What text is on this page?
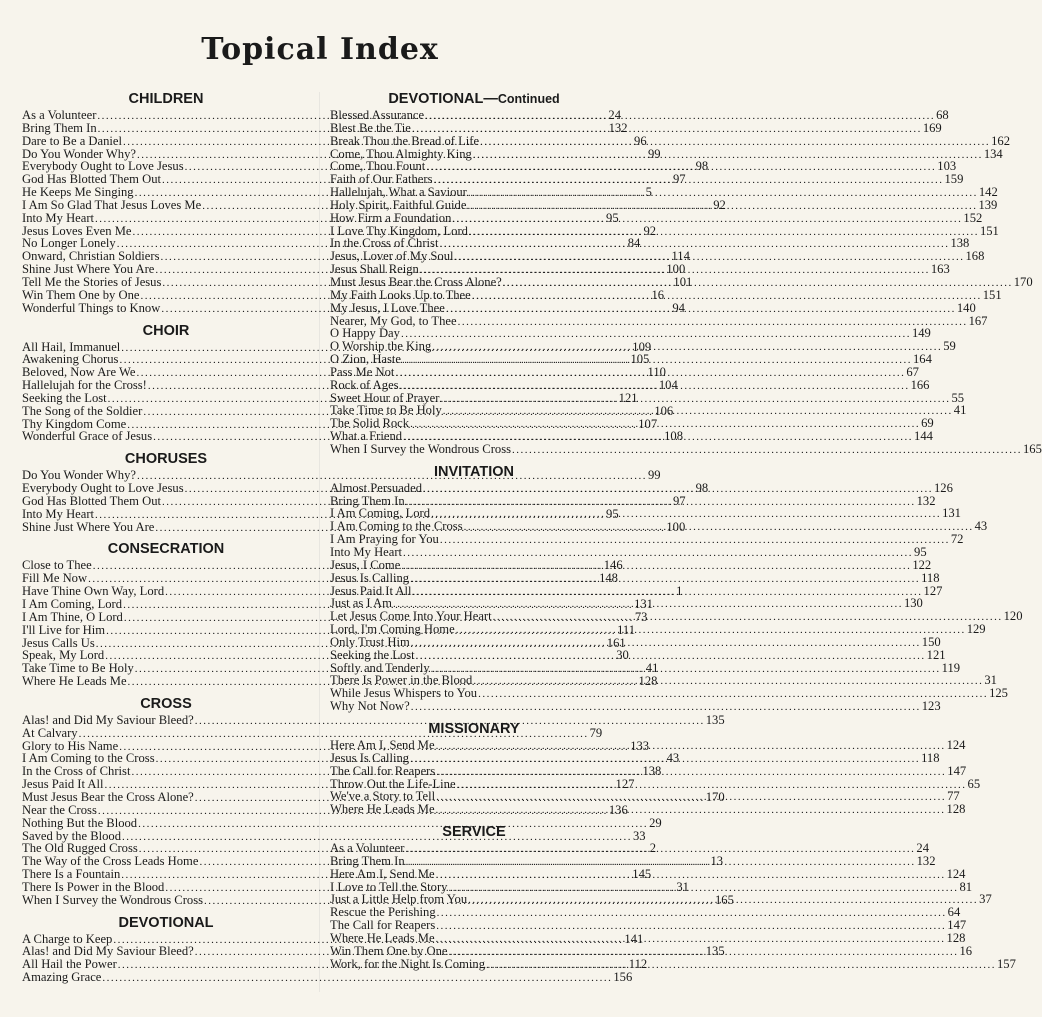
Topical Index
CHILDREN
As a Volunteer .....	24
Bring Them In .....	132
Dare to Be a Daniel .....	96
Do You Wonder Why? .....	99
Everybody Ought to Love Jesus .....	98
God Has Blotted Them Out .....	97
He Keeps Me Singing .....	5
I Am So Glad That Jesus Loves Me .....	92
Into My Heart .....	95
Jesus Loves Even Me .....	92
No Longer Lonely .....	84
Onward, Christian Soldiers .....	114
Shine Just Where You Are .....	100
Tell Me the Stories of Jesus .....	101
Win Them One by One .....	16
Wonderful Things to Know .....	94
CHOIR
All Hail, Immanuel .....	109
Awakening Chorus .....	105
Beloved, Now Are We .....	110
Hallelujah for the Cross! .....	104
Seeking the Lost .....	121
The Song of the Soldier .....	106
Thy Kingdom Come .....	107
Wonderful Grace of Jesus .....	108
CHORUSES
Do You Wonder Why? .....	99
Everybody Ought to Love Jesus .....	98
God Has Blotted Them Out .....	97
Into My Heart .....	95
Shine Just Where You Are .....	100
CONSECRATION
Close to Thee .....	146
Fill Me Now .....	148
Have Thine Own Way, Lord .....	1
I Am Coming, Lord .....	131
I Am Thine, O Lord .....	73
I'll Live for Him .....	111
Jesus Calls Us .....	161
Speak, My Lord .....	30
Take Time to Be Holy .....	41
Where He Leads Me .....	128
CROSS
Alas! and Did My Saviour Bleed? .....	135
At Calvary .....	79
Glory to His Name .....	133
I Am Coming to the Cross .....	43
In the Cross of Christ .....	138
Jesus Paid It All .....	127
Must Jesus Bear the Cross Alone? .....	170
Near the Cross .....	136
Nothing But the Blood .....	29
Saved by the Blood .....	33
The Old Rugged Cross .....	2
The Way of the Cross Leads Home .....	13
There Is a Fountain .....	145
There Is Power in the Blood .....	31
When I Survey the Wondrous Cross .....	165
DEVOTIONAL
A Charge to Keep .....	141
Alas! and Did My Saviour Bleed? .....	135
All Hail the Power .....	112
Amazing Grace .....	156
DEVOTIONAL—Continued
Blessed Assurance .....	68
Blest Be the Tie .....	169
Break Thou the Bread of Life .....	162
Come, Thou Almighty King .....	134
Come, Thou Fount .....	103
Faith of Our Fathers .....	159
Hallelujah, What a Saviour .....	142
Holy Spirit, Faithful Guide .....	139
How Firm a Foundation .....	152
I Love Thy Kingdom, Lord .....	151
In the Cross of Christ .....	138
Jesus, Lover of My Soul .....	168
Jesus Shall Reign .....	163
Must Jesus Bear the Cross Alone? .....	170
My Faith Looks Up to Thee .....	151
My Jesus, I Love Thee .....	140
Nearer, My God, to Thee .....	167
O Happy Day .....	149
O Worship the King .....	59
O Zion, Haste .....	164
Pass Me Not .....	67
Rock of Ages .....	166
Sweet Hour of Prayer .....	55
Take Time to Be Holy .....	41
The Solid Rock .....	69
What a Friend .....	144
When I Survey the Wondrous Cross .....	165
INVITATION
Almost Persuaded .....	126
Bring Them In .....	132
I Am Coming, Lord .....	131
I Am Coming to the Cross .....	43
I Am Praying for You .....	72
Into My Heart .....	95
Jesus, I Come .....	122
Jesus Is Calling .....	118
Jesus Paid It All .....	127
Just as I Am .....	130
Let Jesus Come Into Your Heart .....	120
Lord, I'm Coming Home .....	129
Only Trust Him .....	150
Seeking the Lost .....	121
Softly and Tenderly .....	119
There Is Power in the Blood .....	31
While Jesus Whispers to You .....	125
Why Not Now? .....	123
MISSIONARY
Here Am I, Send Me .....	124
Jesus Is Calling .....	118
The Call for Reapers .....	147
Throw Out the Life-Line .....	65
We've a Story to Tell .....	77
Where He Leads Me .....	128
SERVICE
As a Volunteer .....	24
Bring Them In .....	132
Here Am I, Send Me .....	124
I Love to Tell the Story .....	81
Just a Little Help from You .....	37
Rescue the Perishing .....	64
The Call for Reapers .....	147
Where He Leads Me .....	128
Win Them One by One .....	16
Work, for the Night Is Coming .....	157
